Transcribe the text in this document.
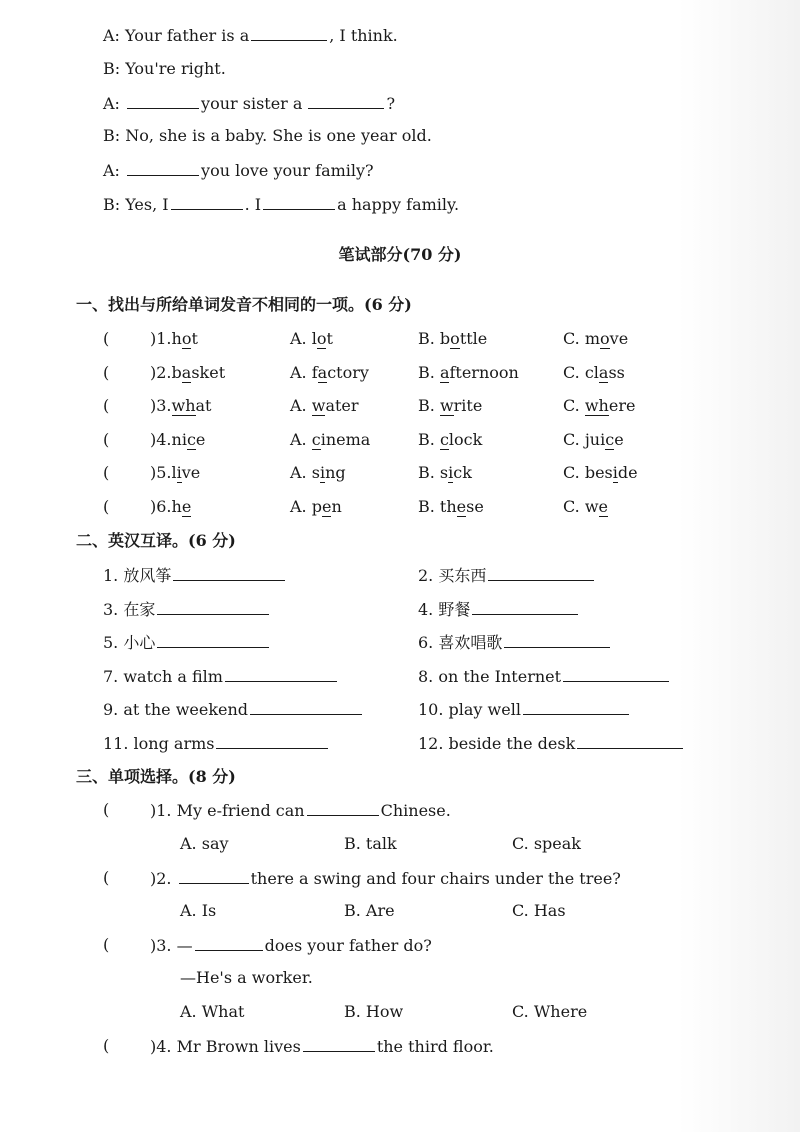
A: Your father is a	, I think.
B: You're right.
A:	your sister a	?
B: No, she is a baby. She is one year old.
A:	you love your family?
B: Yes, I	. I	a happy family.
笔试部分(70 分)
一、找出与所给单词发音不相同的一项。(6 分)
(	)1.hot	A. lot	B. bottle	C. move
(	)2.basket	A. factory	B. afternoon	C. class
(	)3.what	A. water	B. write	C. where
(	)4.nice	A. cinema	B. clock	C. juice
(	)5.live	A. sing	B. sick	C. beside
(	)6.he	A. pen	B. these	C. we
二、英汉互译。(6 分)
1. 放风筝	2. 买东西
3. 在家	4. 野餐
5. 小心	6. 喜欢唱歌
7. watch a film	8. on the Internet
9. at the weekend	10. play well
11. long arms	12. beside the desk
三、单项选择。(8 分)
(	)1. My e-friend can	Chinese.
A. say	B. talk	C. speak
(	)2.	there a swing and four chairs under the tree?
A. Is	B. Are	C. Has
(	)3. —	does your father do?
—He's a worker.
A. What	B. How	C. Where
(	)4. Mr Brown lives	the third floor.
